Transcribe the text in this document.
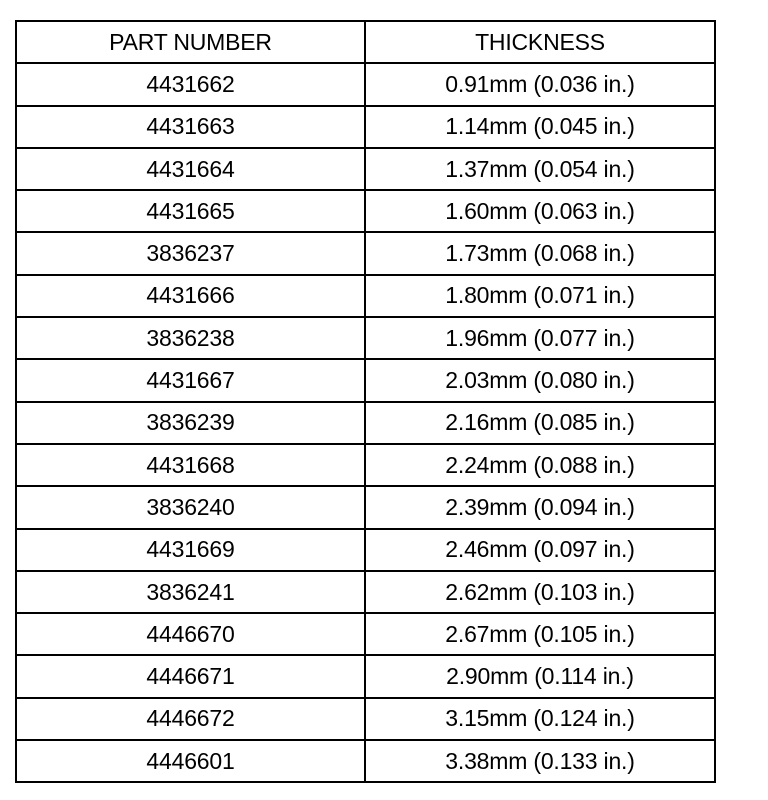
PART NUMBER	THICKNESS
4431662	0.91mm (0.036 in.)
4431663	1.14mm (0.045 in.)
4431664	1.37mm (0.054 in.)
4431665	1.60mm (0.063 in.)
3836237	1.73mm (0.068 in.)
4431666	1.80mm (0.071 in.)
3836238	1.96mm (0.077 in.)
4431667	2.03mm (0.080 in.)
3836239	2.16mm (0.085 in.)
4431668	2.24mm (0.088 in.)
3836240	2.39mm (0.094 in.)
4431669	2.46mm (0.097 in.)
3836241	2.62mm (0.103 in.)
4446670	2.67mm (0.105 in.)
4446671	2.90mm (0.114 in.)
4446672	3.15mm (0.124 in.)
4446601	3.38mm (0.133 in.)
